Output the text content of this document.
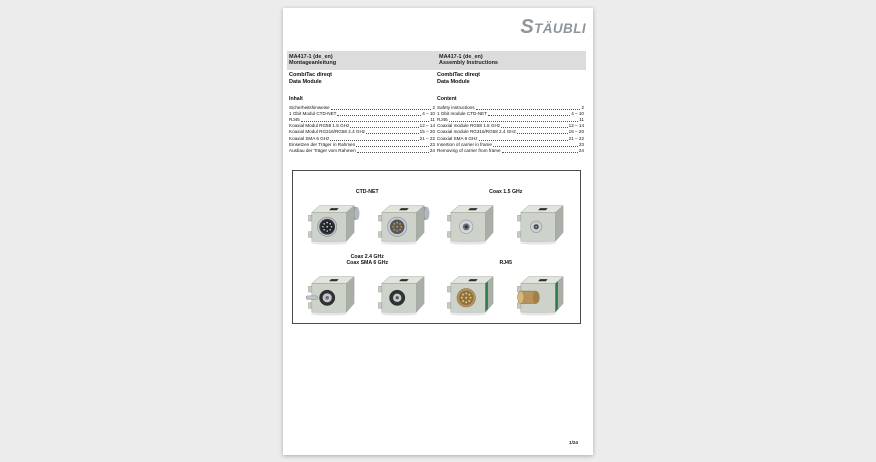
STÄUBLI
MA417-1 (de_en)
Montageanleitung
MA417-1 (de_en)
Assembly Instructions
CombiTac direqt
Data Module
CombiTac direqt
Data Module
Inhalt
Sicherheitshinweise	2
1 Gbit Modul CTD-NET	4 – 10
RJ45	11
Koaxial Modul RG58 1.5 GHz	12 – 14
Koaxial Modul RG316/RG58 2.4 GHz	15 – 20
Koaxial SMA 6 GHz	21 – 22
Einsetzen der Träger in Rahmen	23
Ausbau der Träger vom Rahmen	24
Content
Safety instructions	2
1 Gbit module CTD-NET	4 – 10
RJ45	11
Coaxial module RG58 1.5 GHz	12 – 14
Coaxial module RG316/RG58 2.4 GHz	15 – 20
Coaxial SMA 6 GHz	21 – 22
Insertion of carrier in frame	23
Removing of carrier from frame	24
CTD-NET	Coax 1.5 GHz
Coax 2.4 GHz
Coax SMA 6 GHz	RJ45
1/24
